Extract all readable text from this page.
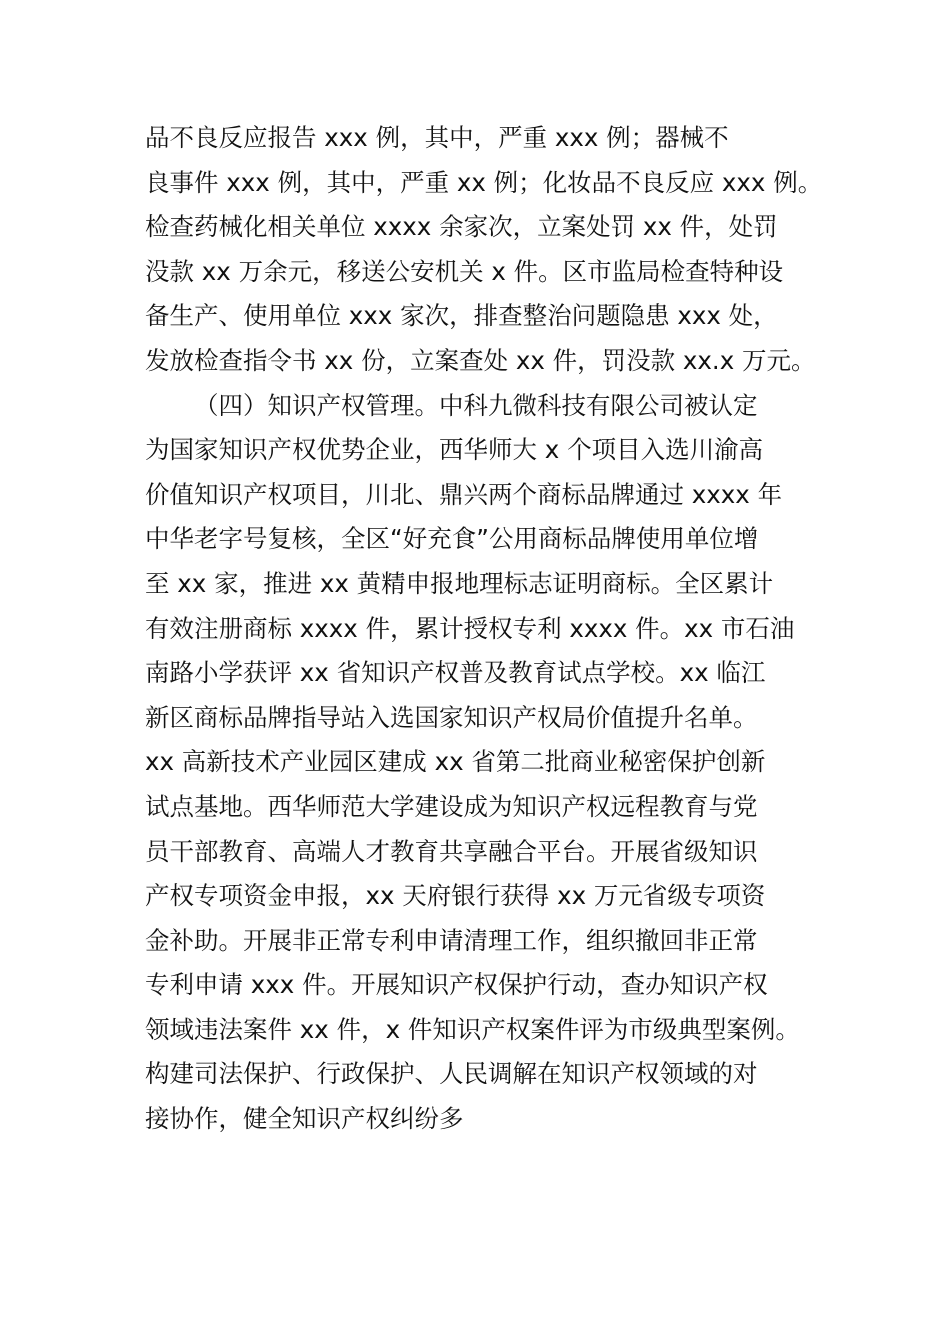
品不良反应报告 xxx 例，其中，严重 xxx 例；器械不
良事件 xxx 例，其中，严重 xx 例；化妆品不良反应 xxx 例。
检查药械化相关单位 xxxx 余家次，立案处罚 xx 件，处罚
没款 xx 万余元，移送公安机关 x 件。区市监局检查特种设
备生产、使用单位 xxx 家次，排查整治问题隐患 xxx 处，
发放检查指令书 xx 份，立案查处 xx 件，罚没款 xx.x 万元。
（四）知识产权管理。中科九微科技有限公司被认定
为国家知识产权优势企业，西华师大 x 个项目入选川渝高
价值知识产权项目，川北、鼎兴两个商标品牌通过 xxxx 年
中华老字号复核，全区“好充食”公用商标品牌使用单位增
至 xx 家，推进 xx 黄精申报地理标志证明商标。全区累计
有效注册商标 xxxx 件，累计授权专利 xxxx 件。xx 市石油
南路小学获评 xx 省知识产权普及教育试点学校。xx 临江
新区商标品牌指导站入选国家知识产权局价值提升名单。
xx 高新技术产业园区建成 xx 省第二批商业秘密保护创新
试点基地。西华师范大学建设成为知识产权远程教育与党
员干部教育、高端人才教育共享融合平台。开展省级知识
产权专项资金申报，xx 天府银行获得 xx 万元省级专项资
金补助。开展非正常专利申请清理工作，组织撤回非正常
专利申请 xxx 件。开展知识产权保护行动，查办知识产权
领域违法案件 xx 件，x 件知识产权案件评为市级典型案例。
构建司法保护、行政保护、人民调解在知识产权领域的对
接协作，健全知识产权纠纷多
